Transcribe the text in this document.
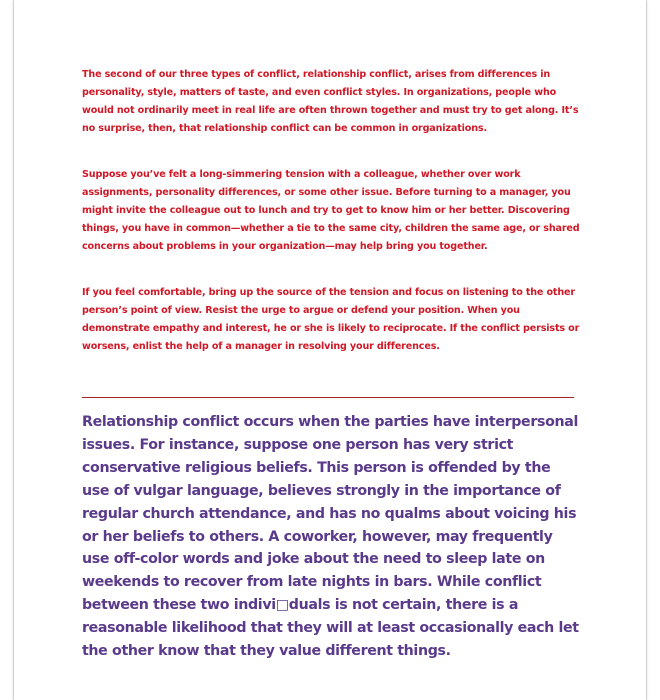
The second of our three types of conflict, relationship conflict, arises from differences in personality, style, matters of taste, and even conflict styles. In organizations, people who would not ordinarily meet in real life are often thrown together and must try to get along. It’s no surprise, then, that relationship conflict can be common in organizations.

Suppose you’ve felt a long-simmering tension with a colleague, whether over work assignments, personality differences, or some other issue. Before turning to a manager, you might invite the colleague out to lunch and try to get to know him or her better. Discovering things, you have in common—whether a tie to the same city, children the same age, or shared concerns about problems in your organization—may help bring you together.

If you feel comfortable, bring up the source of the tension and focus on listening to the other person’s point of view. Resist the urge to argue or defend your position. When you demonstrate empathy and interest, he or she is likely to reciprocate. If the conflict persists or worsens, enlist the help of a manager in resolving your differences.

Relationship conflict occurs when the parties have interpersonal issues. For instance, suppose one person has very strict conservative religious beliefs. This person is offended by the use of vulgar language, believes strongly in the importance of regular church attendance, and has no qualms about voicing his or her beliefs to others. A coworker, however, may frequently use off-color words and joke about the need to sleep late on weekends to recover from late nights in bars. While conflict between these two indivi□duals is not certain, there is a reasonable likelihood that they will at least occasionally each let the other know that they value different things.
